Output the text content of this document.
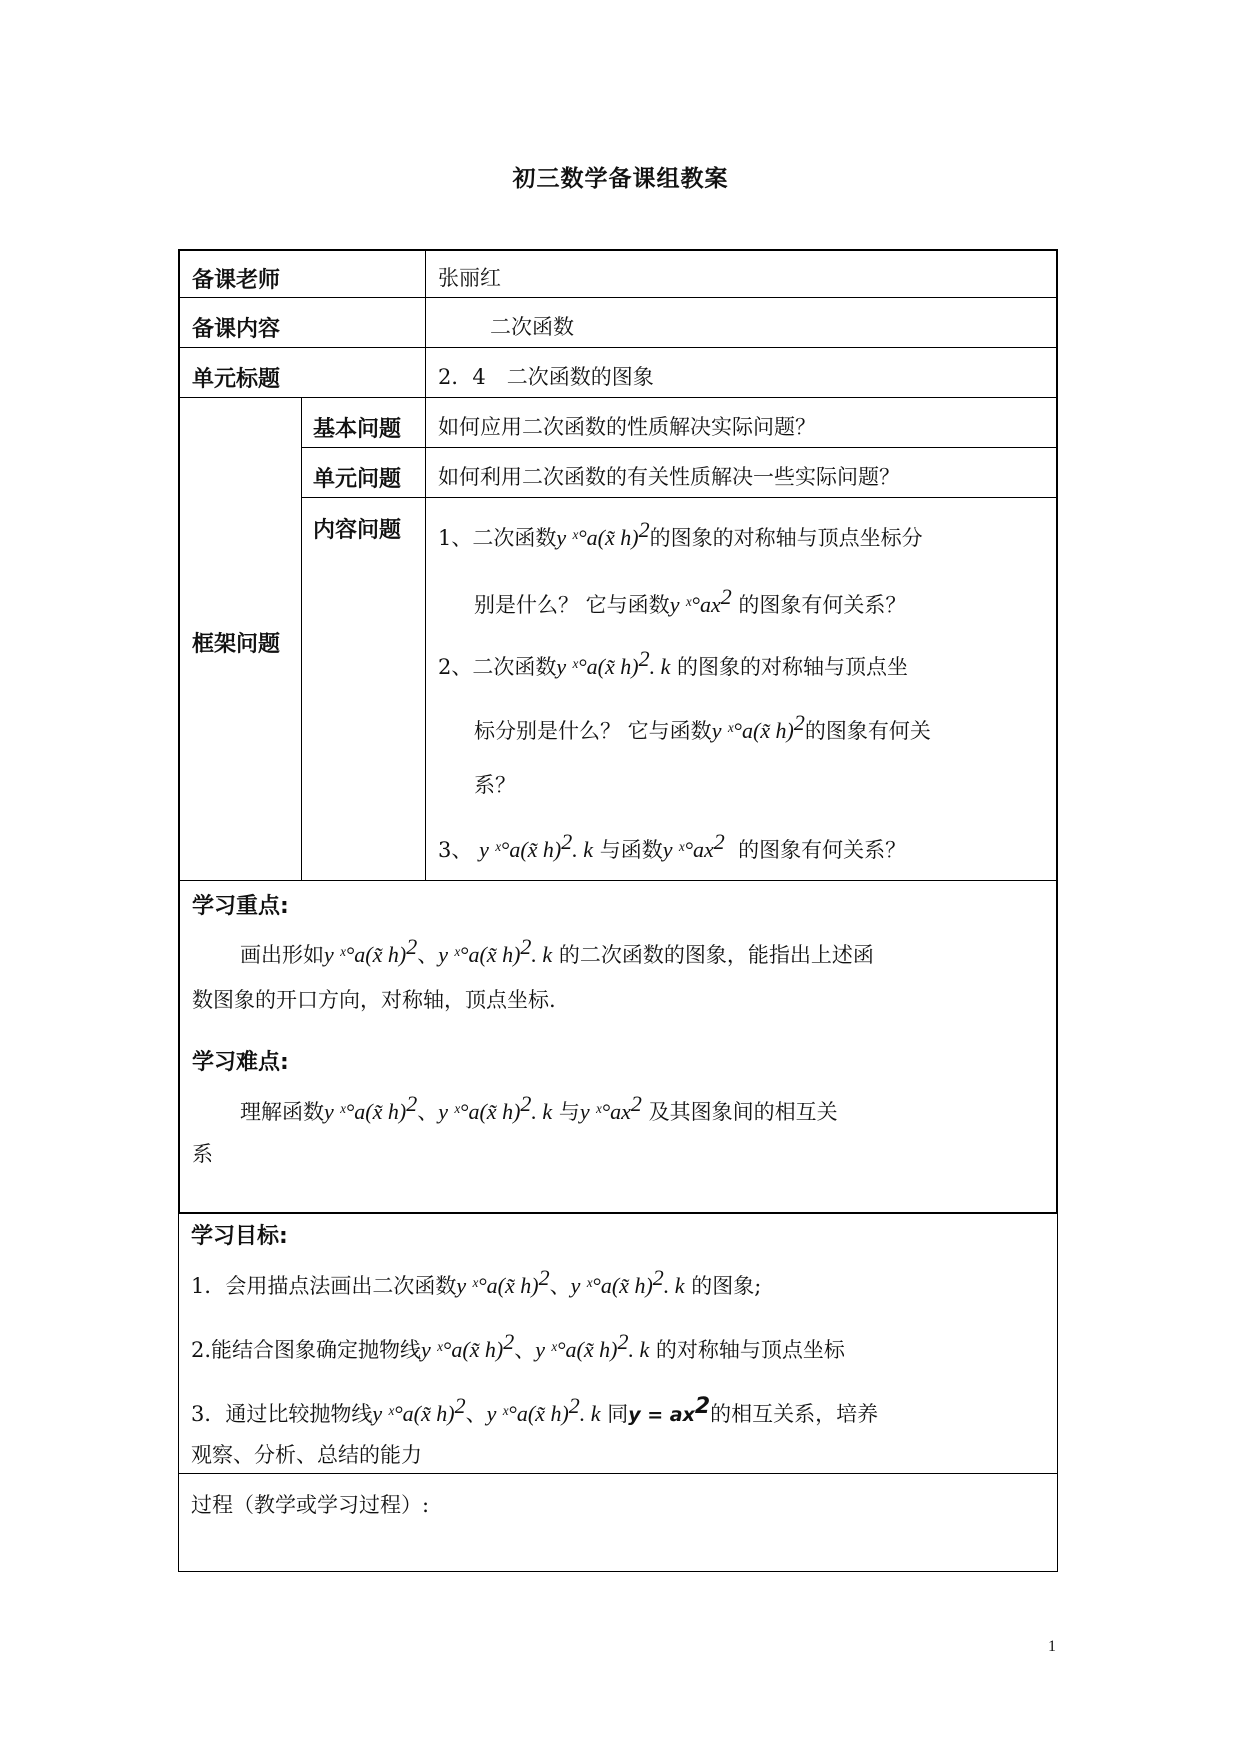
初三数学备课组教案
备课老师	张丽红
备课内容	二次函数
单元标题	2．4　二次函数的图象
框架问题
基本问题 如何应用二次函数的性质解决实际问题？
单元问题 如何利用二次函数的有关性质解决一些实际问题？
内容问题 1、二次函数y ˣ°a(x̃ h)$^2$的图象的对称轴与顶点坐标分
别是什么？ 它与函数y $ˣ^\circ ax^2$ 的图象有何关系？
2、二次函数y ˣ°a(x̃ h)$^2$. k 的图象的对称轴与顶点坐
标分别是什么？ 它与函数y ˣ°a(x̃ h)$^2$的图象有何关
系？
3、 y ˣ°a(x̃ h)$^2$. k 与函数y $ˣ^\circ ax^2$ 的图象有何关系？
学习重点:
画出形如y ˣ°a(x̃ h)$^2$、y ˣ°a(x̃ h)$^2$. k 的二次函数的图象，能指出上述函
数图象的开口方向，对称轴，顶点坐标.
学习难点:
理解函数y ˣ°a(x̃ h)$^2$、y ˣ°a(x̃ h)$^2$. k 与y $ˣ^\circ ax^2$ 及其图象间的相互关
系
学习目标:
1．会用描点法画出二次函数y ˣ°a(x̃ h)$^2$、y ˣ°a(x̃ h)$^2$. k 的图象;
2.能结合图象确定抛物线y ˣ°a(x̃ h)$^2$、y ˣ°a(x̃ h)$^2$. k 的对称轴与顶点坐标
3．通过比较抛物线y ˣ°a(x̃ h)$^2$、y ˣ°a(x̃ h)$^2$. k 同$y = ax^2$的相互关系，培养
观察、分析、总结的能力
过程（教学或学习过程）:
1
